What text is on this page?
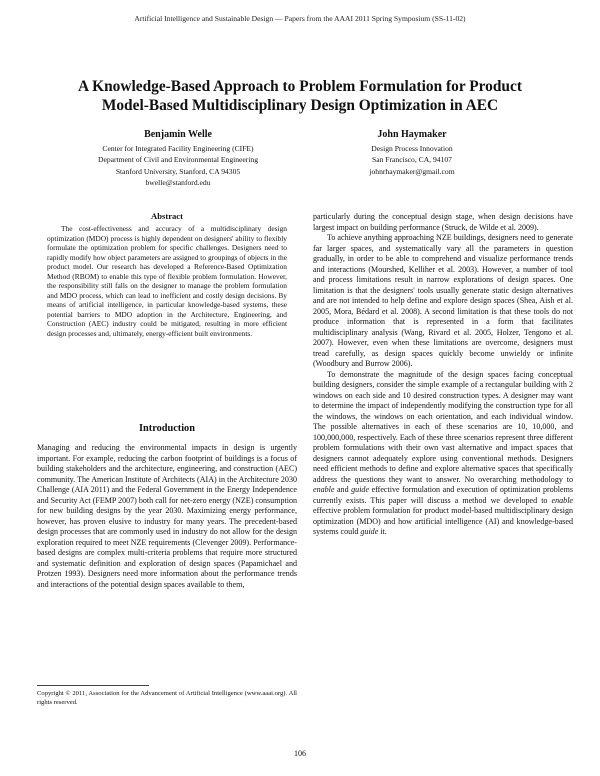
Artificial Intelligence and Sustainable Design — Papers from the AAAI 2011 Spring Symposium (SS-11-02)
A Knowledge-Based Approach to Problem Formulation for Product
Model-Based Multidisciplinary Design Optimization in AEC
Benjamin Welle
Center for Integrated Facility Engineering (CIFE)
Department of Civil and Environmental Engineering
Stanford University, Stanford, CA 94305
bwelle@stanford.edu
John Haymaker
Design Process Innovation
San Francisco, CA, 94107
johnrhaymaker@gmail.com
Abstract

The cost-effectiveness and accuracy of a multidisciplinary design optimization (MDO) process is highly dependent on designers' ability to flexibly formulate the optimization problem for specific challenges. Designers need to rapidly modify how object parameters are assigned to groupings of objects in the product model. Our research has developed a Reference-Based Optimization Method (RBOM) to enable this type of flexible problem formulation. However, the responsibility still falls on the designer to manage the problem formulation and MDO process, which can lead to inefficient and costly design decisions. By means of artificial intelligence, in particular knowledge-based systems, these potential barriers to MDO adoption in the Architecture, Engineering, and Construction (AEC) industry could be mitigated, resulting in more efficient design processes and, ultimately, energy-efficient built environments.

Introduction

Managing and reducing the environmental impacts in design is urgently important. For example, reducing the carbon footprint of buildings is a focus of building stakeholders and the architecture, engineering, and construction (AEC) community. The American Institute of Architects (AIA) in the Architecture 2030 Challenge (AIA 2011) and the Federal Government in the Energy Independence and Security Act (FEMP 2007) both call for net-zero energy (NZE) consumption for new building designs by the year 2030. Maximizing energy performance, however, has proven elusive to industry for many years. The precedent-based design processes that are commonly used in industry do not allow for the design exploration required to meet NZE requirements (Clevenger 2009). Performance-based designs are complex multi-criteria problems that require more structured and systematic definition and exploration of design spaces (Papamichael and Protzen 1993). Designers need more information about the performance trends and interactions of the potential design spaces available to them,

particularly during the conceptual design stage, when design decisions have largest impact on building performance (Struck, de Wilde et al. 2009).

To achieve anything approaching NZE buildings, designers need to generate far larger spaces, and systematically vary all the parameters in question gradually, in order to be able to comprehend and visualize performance trends and interactions (Mourshed, Kelliher et al. 2003). However, a number of tool and process limitations result in narrow explorations of design spaces. One limitation is that the designers' tools usually generate static design alternatives and are not intended to help define and explore design spaces (Shea, Aish et al. 2005, Mora, Bédard et al. 2008). A second limitation is that these tools do not produce information that is represented in a form that facilitates multidisciplinary analysis (Wang, Rivard et al. 2005, Holzer, Tengono et al. 2007). However, even when these limitations are overcome, designers must tread carefully, as design spaces quickly become unwieldy or infinite (Woodbury and Burrow 2006).

To demonstrate the magnitude of the design spaces facing conceptual building designers, consider the simple example of a rectangular building with 2 windows on each side and 10 desired construction types. A designer may want to determine the impact of independently modifying the construction type for all the windows, the windows on each orientation, and each individual window. The possible alternatives in each of these scenarios are 10, 10,000, and 100,000,000, respectively. Each of these three scenarios represent three different problem formulations with their own vast alternative and impact spaces that designers cannot adequately explore using conventional methods. Designers need efficient methods to define and explore alternative spaces that specifically address the questions they want to answer. No overarching methodology to enable and guide effective formulation and execution of optimization problems currently exists. This paper will discuss a method we developed to enable effective problem formulation for product model-based multidisciplinary design optimization (MDO) and how artificial intelligence (AI) and knowledge-based systems could guide it.

Copyright © 2011, Association for the Advancement of Artificial Intelligence (www.aaai.org). All rights reserved.

106
